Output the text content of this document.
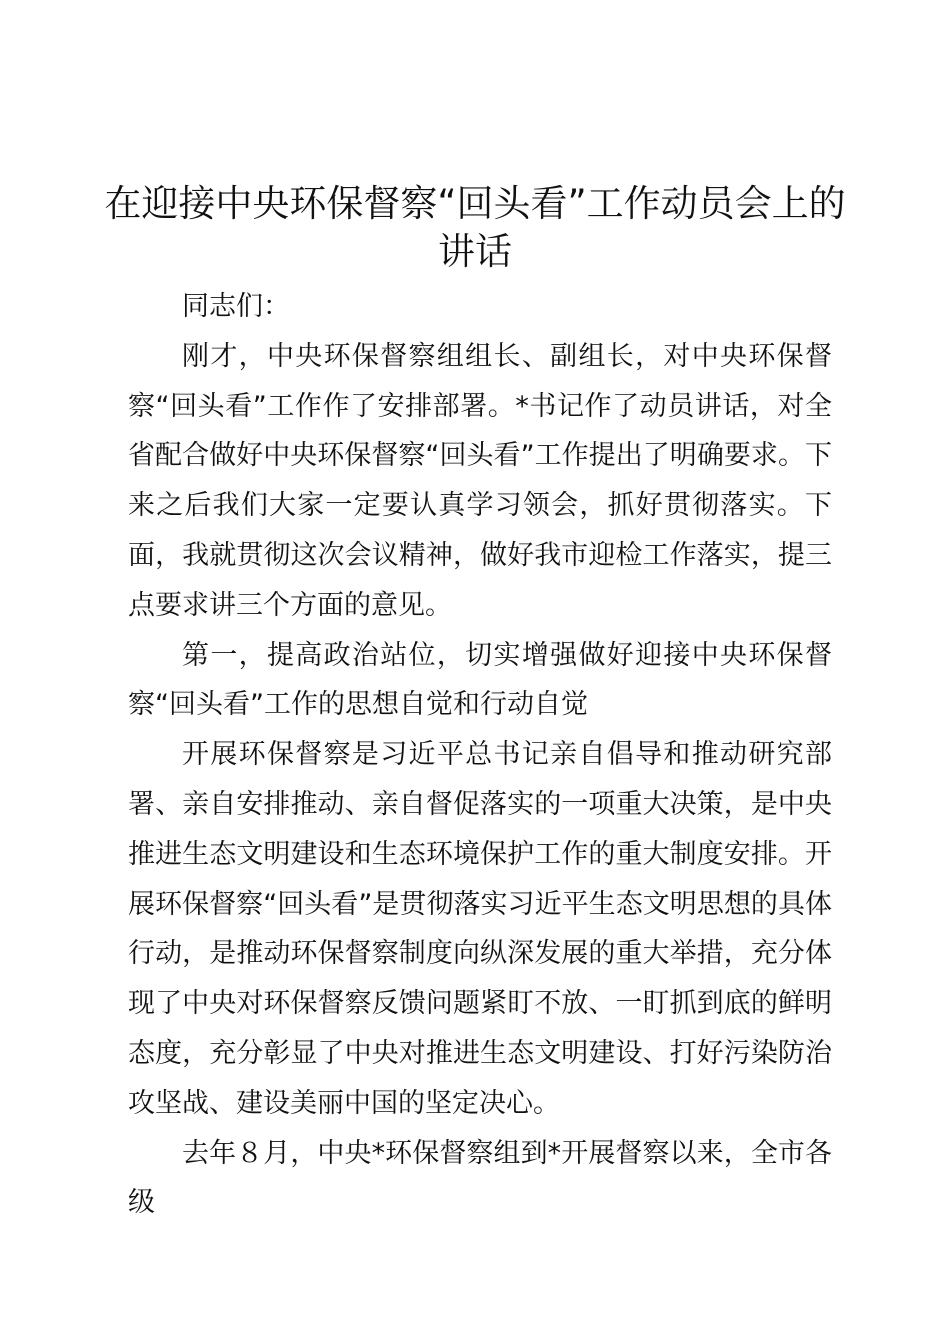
在迎接中央环保督察“回头看”工作动员会上的讲话

同志们：

刚才，中央环保督察组组长、副组长，对中央环保督察“回头看”工作作了安排部署。*书记作了动员讲话，对全省配合做好中央环保督察“回头看”工作提出了明确要求。下来之后我们大家一定要认真学习领会，抓好贯彻落实。下面，我就贯彻这次会议精神，做好我市迎检工作落实，提三点要求讲三个方面的意见。

第一，提高政治站位，切实增强做好迎接中央环保督察“回头看”工作的思想自觉和行动自觉

开展环保督察是习近平总书记亲自倡导和推动研究部署、亲自安排推动、亲自督促落实的一项重大决策，是中央推进生态文明建设和生态环境保护工作的重大制度安排。开展环保督察“回头看”是贯彻落实习近平生态文明思想的具体行动，是推动环保督察制度向纵深发展的重大举措，充分体现了中央对环保督察反馈问题紧盯不放、一盯抓到底的鲜明态度，充分彰显了中央对推进生态文明建设、打好污染防治攻坚战、建设美丽中国的坚定决心。

去年８月，中央*环保督察组到*开展督察以来，全市各级
